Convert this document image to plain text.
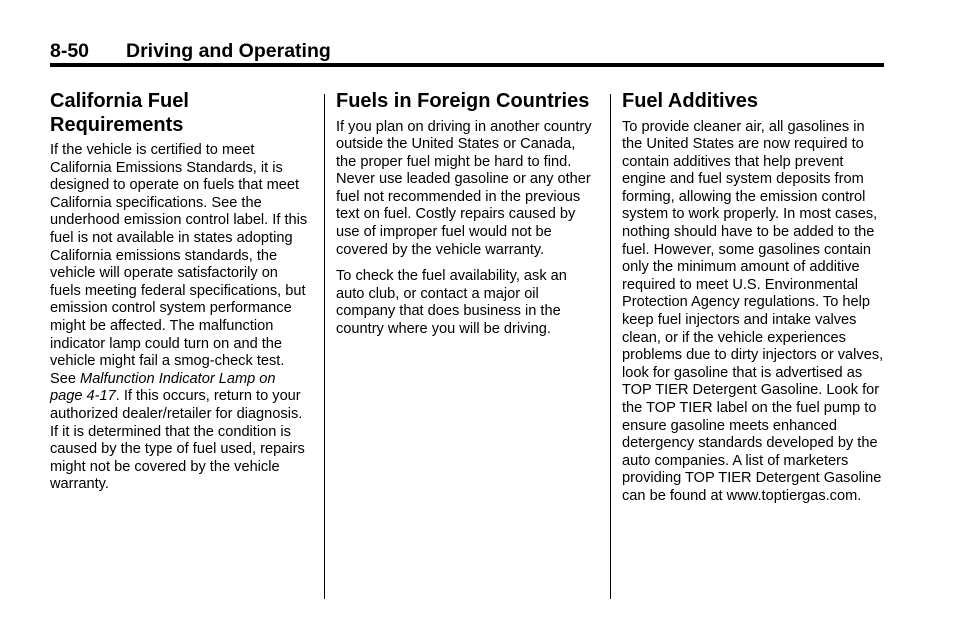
8-50 Driving and Operating
California Fuel Requirements

If the vehicle is certified to meet California Emissions Standards, it is designed to operate on fuels that meet California specifications. See the underhood emission control label. If this fuel is not available in states adopting California emissions standards, the vehicle will operate satisfactorily on fuels meeting federal specifications, but emission control system performance might be affected. The malfunction indicator lamp could turn on and the vehicle might fail a smog-check test. See Malfunction Indicator Lamp on page 4-17. If this occurs, return to your authorized dealer/retailer for diagnosis. If it is determined that the condition is caused by the type of fuel used, repairs might not be covered by the vehicle warranty.

Fuels in Foreign Countries

If you plan on driving in another country outside the United States or Canada, the proper fuel might be hard to find. Never use leaded gasoline or any other fuel not recommended in the previous text on fuel. Costly repairs caused by use of improper fuel would not be covered by the vehicle warranty.

To check the fuel availability, ask an auto club, or contact a major oil company that does business in the country where you will be driving.

Fuel Additives

To provide cleaner air, all gasolines in the United States are now required to contain additives that help prevent engine and fuel system deposits from forming, allowing the emission control system to work properly. In most cases, nothing should have to be added to the fuel. However, some gasolines contain only the minimum amount of additive required to meet U.S. Environmental Protection Agency regulations. To help keep fuel injectors and intake valves clean, or if the vehicle experiences problems due to dirty injectors or valves, look for gasoline that is advertised as TOP TIER Detergent Gasoline. Look for the TOP TIER label on the fuel pump to ensure gasoline meets enhanced detergency standards developed by the auto companies. A list of marketers providing TOP TIER Detergent Gasoline can be found at www.toptiergas.com.
